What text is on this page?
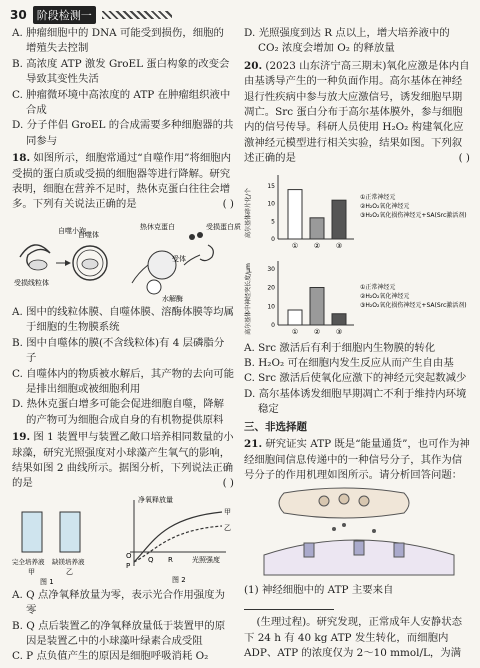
30 阶段检测一

A. 肿瘤细胞中的 DNA 可能受到损伤，细胞的增殖失去控制

B. 高浓度 ATP 激发 GroEL 蛋白构象的改变会导致其变性失活

C. 肿瘤微环境中高浓度的 ATP 在肿瘤组织液中合成

D. 分子伴侣 GroEL 的合成需要多种细胞器的共同参与

18. 如图所示，细胞常通过“自噬作用”将细胞内受损的蛋白质或受损的细胞器等进行降解。研究表明，细胞在营养不足时，热休克蛋白往往会增多。下列有关说法正确的是	( )

自噬小泡
受损线粒体
自噬体
热休克蛋白	受损蛋白质
受体
水解酶

A. 图中的线粒体膜、自噬体膜、溶酶体膜等均属于细胞的生物膜系统

B. 图中自噬体的膜(不含线粒体)有 4 层磷脂分子

C. 自噬体内的物质被水解后，其产物的去向可能是排出细胞或被细胞利用

D. 热休克蛋白增多可能会促进细胞自噬，降解的产物可为细胞合成自身的有机物提供原料

19. 图 1 装置甲与装置乙敞口培养相同数量的小球藻，研究光照强度对小球藻产生氧气的影响，结果如图 2 曲线所示。据图分析，下列说法正确的是	( )

完全培养液 缺镁培养液
甲	乙
图 1
净氧释放量
光照强度
甲
乙
O
P
Q R
图 2

A. Q 点净氧释放量为零，表示光合作用强度为零

B. Q 点后装置乙的净氧释放量低于装置甲的原因是装置乙中的小球藻叶绿素合成受阻

C. P 点负值产生的原因是细胞呼吸消耗 O₂

D. 光照强度到达 R 点以上，增大培养液中的 CO₂ 浓度会增加 O₂ 的释放量

20. (2023 山东济宁高三期末)氧化应激是体内自由基诱导产生的一种负面作用。高尔基体在神经退行性疾病中参与放大应激信号，诱发细胞早期凋亡。Src 蛋白分布于高尔基体膜外，参与细胞内的信号传导。科研人员使用 H₂O₂ 构建氧化应激神经元模型进行相关实验，结果如图。下列叙述正确的是	( )

高尔基体碎片化/个
0
5
10
15
① ② ③
①正常神经元
②H₂O₂氧化神经元
③H₂O₂氧化损伤神经元+SA(Src激活剂)
高尔基体中神经突长度/μm	0
10
20
30
① ② ③
①正常神经元
②H₂O₂氧化神经元
③H₂O₂氧化损伤神经元+SA(Src激活剂)

A. Src 激活后有利于细胞内生物膜的转化

B. H₂O₂ 可在细胞内发生反应从而产生自由基

C. Src 激活后使氧化应激下的神经元突起数减少

D. 高尔基体诱发细胞早期凋亡不利于维持内环境稳定

三、非选择题

21. 研究证实 ATP 既是“能量通货”，也可作为神经细胞间信息传递中的一种信号分子，其作为信号分子的作用机理如图所示。请分析回答问题：

(1) 神经细胞中的 ATP 主要来自

(生理过程)。研究发现，正常成年人安静状态下 24 h 有 40 kg ATP 发生转化，而细胞内 ADP、ATP 的浓度仅为 2～10 mmol/L，为满
